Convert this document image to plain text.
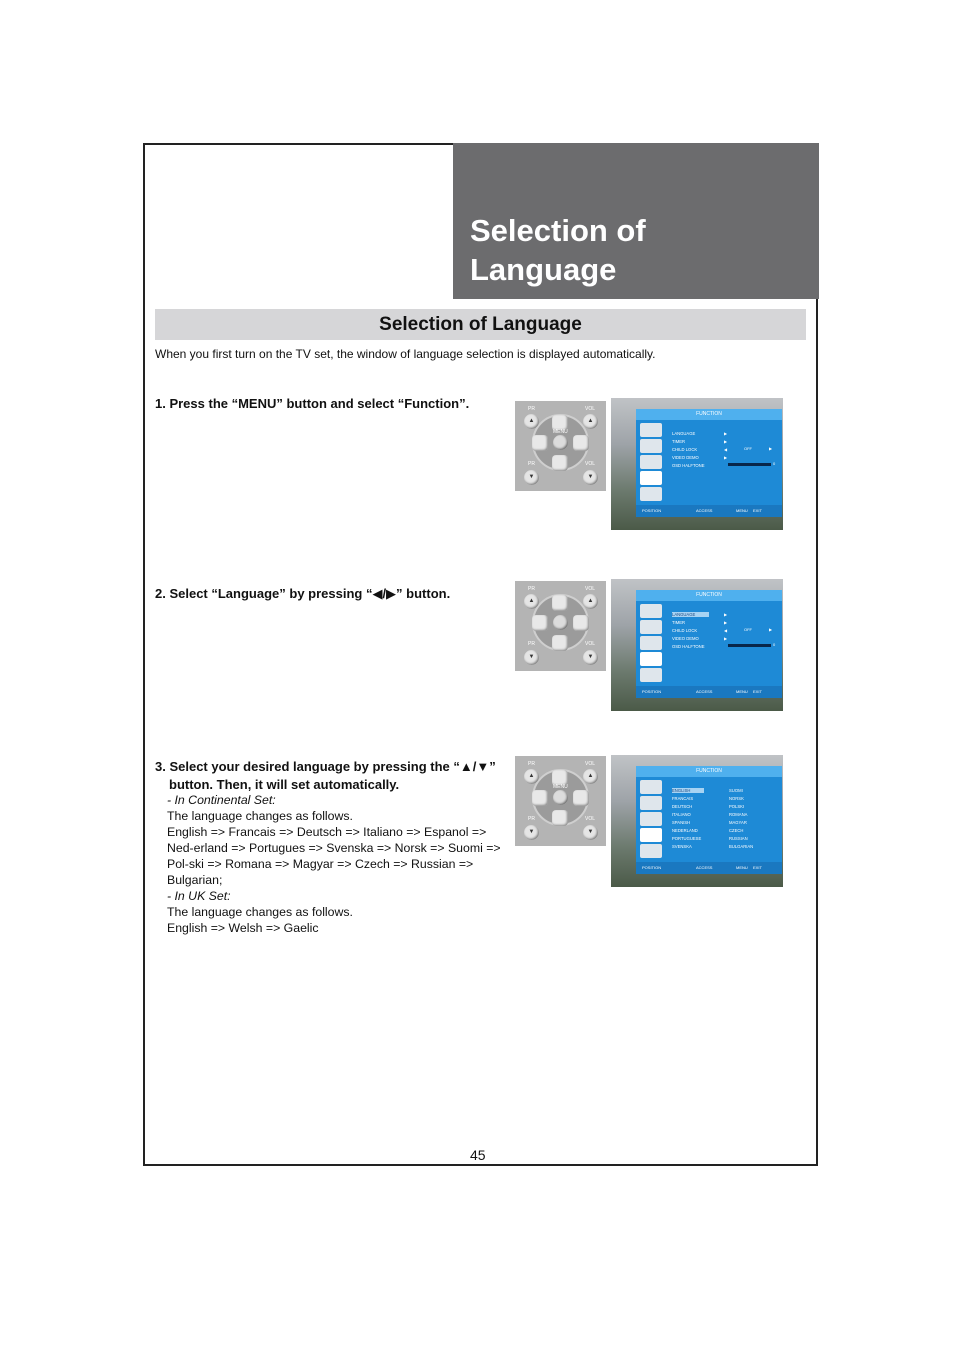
Selection of
Language
Selection of Language
When you first turn on the TV set, the window of language selection is displayed automatically.
1. Press the “MENU” button and select “Function”.
2. Select “Language” by pressing “◀/▶” button.
3. Select your desired language by pressing the “▲/▼”
button. Then, it will set automatically.
- In Continental Set:
The language changes as follows.
English => Francais => Deutsch => Italiano => Espanol => Ned-erland => Portugues => Svenska => Norsk => Suomi => Pol-ski => Romana => Magyar => Czech => Russian => Bulgarian;
- In UK Set:
The language changes as follows.
English => Welsh => Gaelic
PR	VOL
PR	VOL
MENU
▲	▲
▼	▼
FUNCTION
LANGUAGE
TIMER
CHILD LOCK
VIDEO DEMO
OSD HALFTONE
▶
▶
◀
▶
OFF	▶
0
POSITION	ACCESS	MENU EXIT
PR	VOL
PR	VOL
▲	▲
▼	▼
FUNCTION
LANGUAGE
TIMER
CHILD LOCK
VIDEO DEMO
OSD HALFTONE
▶
▶
◀
▶
OFF	▶
0
POSITION	ACCESS	MENU EXIT
PR	VOL
PR	VOL
MENU
▲	▲
▼	▼
FUNCTION
ENGLISH
FRANCAIS
DEUTSCH
ITALIANO
SPANISH
NEDERLAND
PORTUGUESE
SVENSKA
SUOMI
NORSK
POLSKI
ROMANA
MAGYAR
CZECH
RUSSIAN
BULGARIAN
POSITION	ACCESS	MENU EXIT
45
